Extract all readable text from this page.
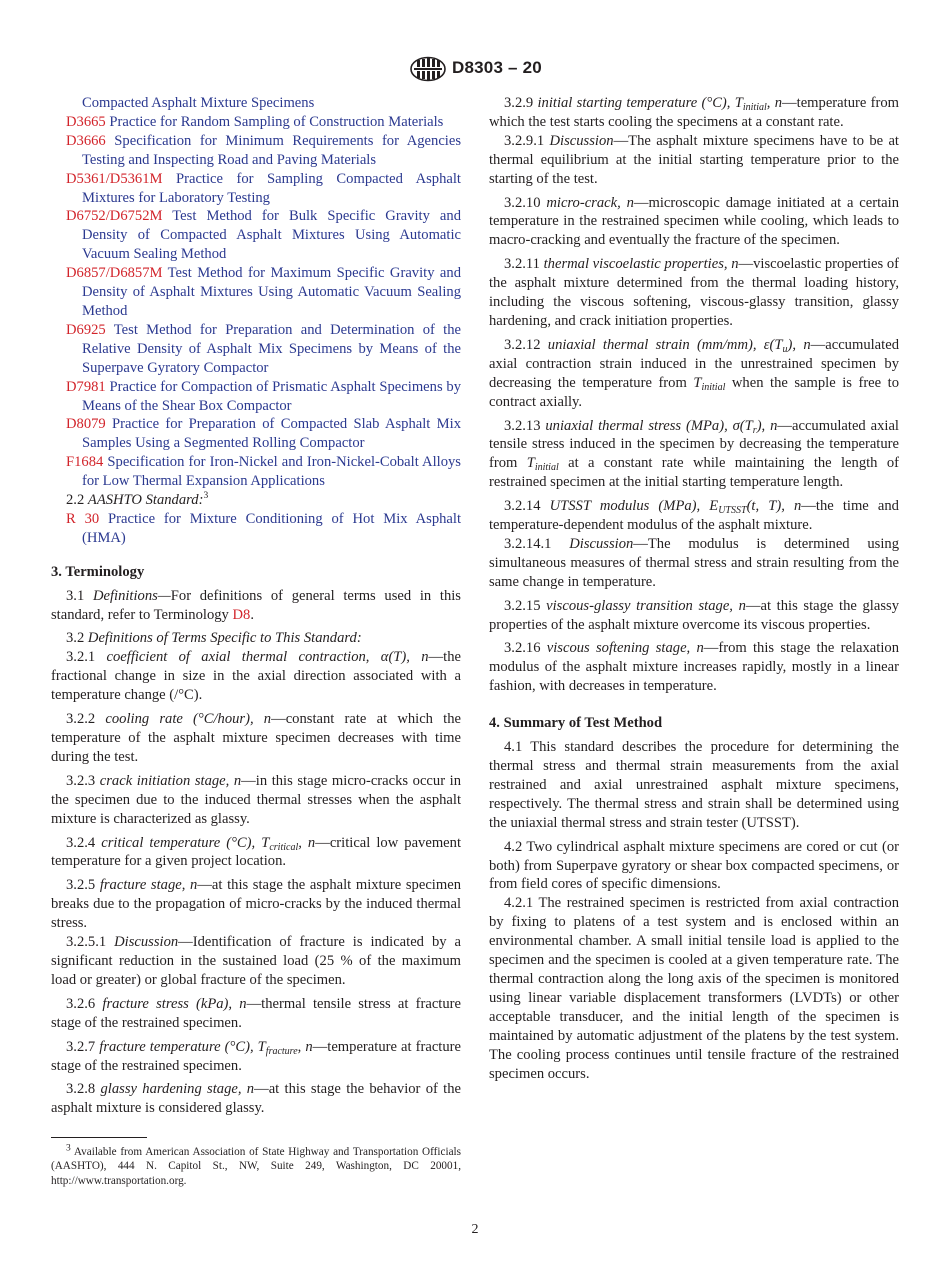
D8303 – 20

Compacted Asphalt Mixture Specimens

D3665 Practice for Random Sampling of Construction Materials

D3666 Specification for Minimum Requirements for Agencies Testing and Inspecting Road and Paving Materials

D5361/D5361M Practice for Sampling Compacted Asphalt Mixtures for Laboratory Testing

D6752/D6752M Test Method for Bulk Specific Gravity and Density of Compacted Asphalt Mixtures Using Automatic Vacuum Sealing Method

D6857/D6857M Test Method for Maximum Specific Gravity and Density of Asphalt Mixtures Using Automatic Vacuum Sealing Method

D6925 Test Method for Preparation and Determination of the Relative Density of Asphalt Mix Specimens by Means of the Superpave Gyratory Compactor

D7981 Practice for Compaction of Prismatic Asphalt Specimens by Means of the Shear Box Compactor

D8079 Practice for Preparation of Compacted Slab Asphalt Mix Samples Using a Segmented Rolling Compactor

F1684 Specification for Iron-Nickel and Iron-Nickel-Cobalt Alloys for Low Thermal Expansion Applications

2.2 AASHTO Standard:$^3$

R 30 Practice for Mixture Conditioning of Hot Mix Asphalt (HMA)

3. Terminology

3.1 Definitions—For definitions of general terms used in this standard, refer to Terminology D8.

3.2 Definitions of Terms Specific to This Standard:

3.2.1 coefficient of axial thermal contraction, α(T), n—the fractional change in size in the axial direction associated with a temperature change (/°C).

3.2.2 cooling rate (°C/hour), n—constant rate at which the temperature of the asphalt mixture specimen decreases with time during the test.

3.2.3 crack initiation stage, n—in this stage micro-cracks occur in the specimen due to the induced thermal stresses when the asphalt mixture is characterized as glassy.

3.2.4 critical temperature (°C), $T_{critical}$, n—critical low pavement temperature for a given project location.

3.2.5 fracture stage, n—at this stage the asphalt mixture specimen breaks due to the propagation of micro-cracks by the induced thermal stress.

3.2.5.1 Discussion—Identification of fracture is indicated by a significant reduction in the sustained load (25 % of the maximum load or greater) or global fracture of the specimen.

3.2.6 fracture stress (kPa), n—thermal tensile stress at fracture stage of the restrained specimen.

3.2.7 fracture temperature (°C), $T_{fracture}$, n—temperature at fracture stage of the restrained specimen.

3.2.8 glassy hardening stage, n—at this stage the behavior of the asphalt mixture is considered glassy.

$^3$ Available from American Association of State Highway and Transportation Officials (AASHTO), 444 N. Capitol St., NW, Suite 249, Washington, DC 20001, http://www.transportation.org.

3.2.9 initial starting temperature (°C), $T_{initial}$, n—temperature from which the test starts cooling the specimens at a constant rate.

3.2.9.1 Discussion—The asphalt mixture specimens have to be at thermal equilibrium at the initial starting temperature prior to the starting of the test.

3.2.10 micro-crack, n—microscopic damage initiated at a certain temperature in the restrained specimen while cooling, which leads to macro-cracking and eventually the fracture of the specimen.

3.2.11 thermal viscoelastic properties, n—viscoelastic properties of the asphalt mixture determined from the thermal loading history, including the viscous softening, viscous-glassy transition, glassy hardening, and crack initiation properties.

3.2.12 uniaxial thermal strain (mm/mm), $\varepsilon(T_u)$, n—accumulated axial contraction strain induced in the unrestrained specimen by decreasing the temperature from $T_{initial}$ when the sample is free to contract axially.

3.2.13 uniaxial thermal stress (MPa), $\sigma(T_r)$, n—accumulated axial tensile stress induced in the specimen by decreasing the temperature from $T_{initial}$ at a constant rate while maintaining the length of restrained specimen at the initial starting temperature length.

3.2.14 UTSST modulus (MPa), $E_{UTSST}(t$, T), n—the time and temperature-dependent modulus of the asphalt mixture.

3.2.14.1 Discussion—The modulus is determined using simultaneous measures of thermal stress and strain resulting from the same change in temperature.

3.2.15 viscous-glassy transition stage, n—at this stage the glassy properties of the asphalt mixture overcome its viscous properties.

3.2.16 viscous softening stage, n—from this stage the relaxation modulus of the asphalt mixture increases rapidly, mostly in a linear fashion, with decreases in temperature.

4. Summary of Test Method

4.1 This standard describes the procedure for determining the thermal stress and thermal strain measurements from the axial restrained and axial unrestrained asphalt mixture specimens, respectively. The thermal stress and strain shall be determined using the uniaxial thermal stress and strain tester (UTSST).

4.2 Two cylindrical asphalt mixture specimens are cored or cut (or both) from Superpave gyratory or shear box compacted specimens, or from field cores of specific dimensions.

4.2.1 The restrained specimen is restricted from axial contraction by fixing to platens of a test system and is enclosed within an environmental chamber. A small initial tensile load is applied to the specimen and the specimen is cooled at a given temperature rate. The thermal contraction along the long axis of the specimen is monitored using linear variable displacement transformers (LVDTs) or other acceptable transducer, and the initial length of the specimen is maintained by automatic adjustment of the platens by the test system. The cooling process continues until tensile fracture of the restrained specimen occurs.

2
